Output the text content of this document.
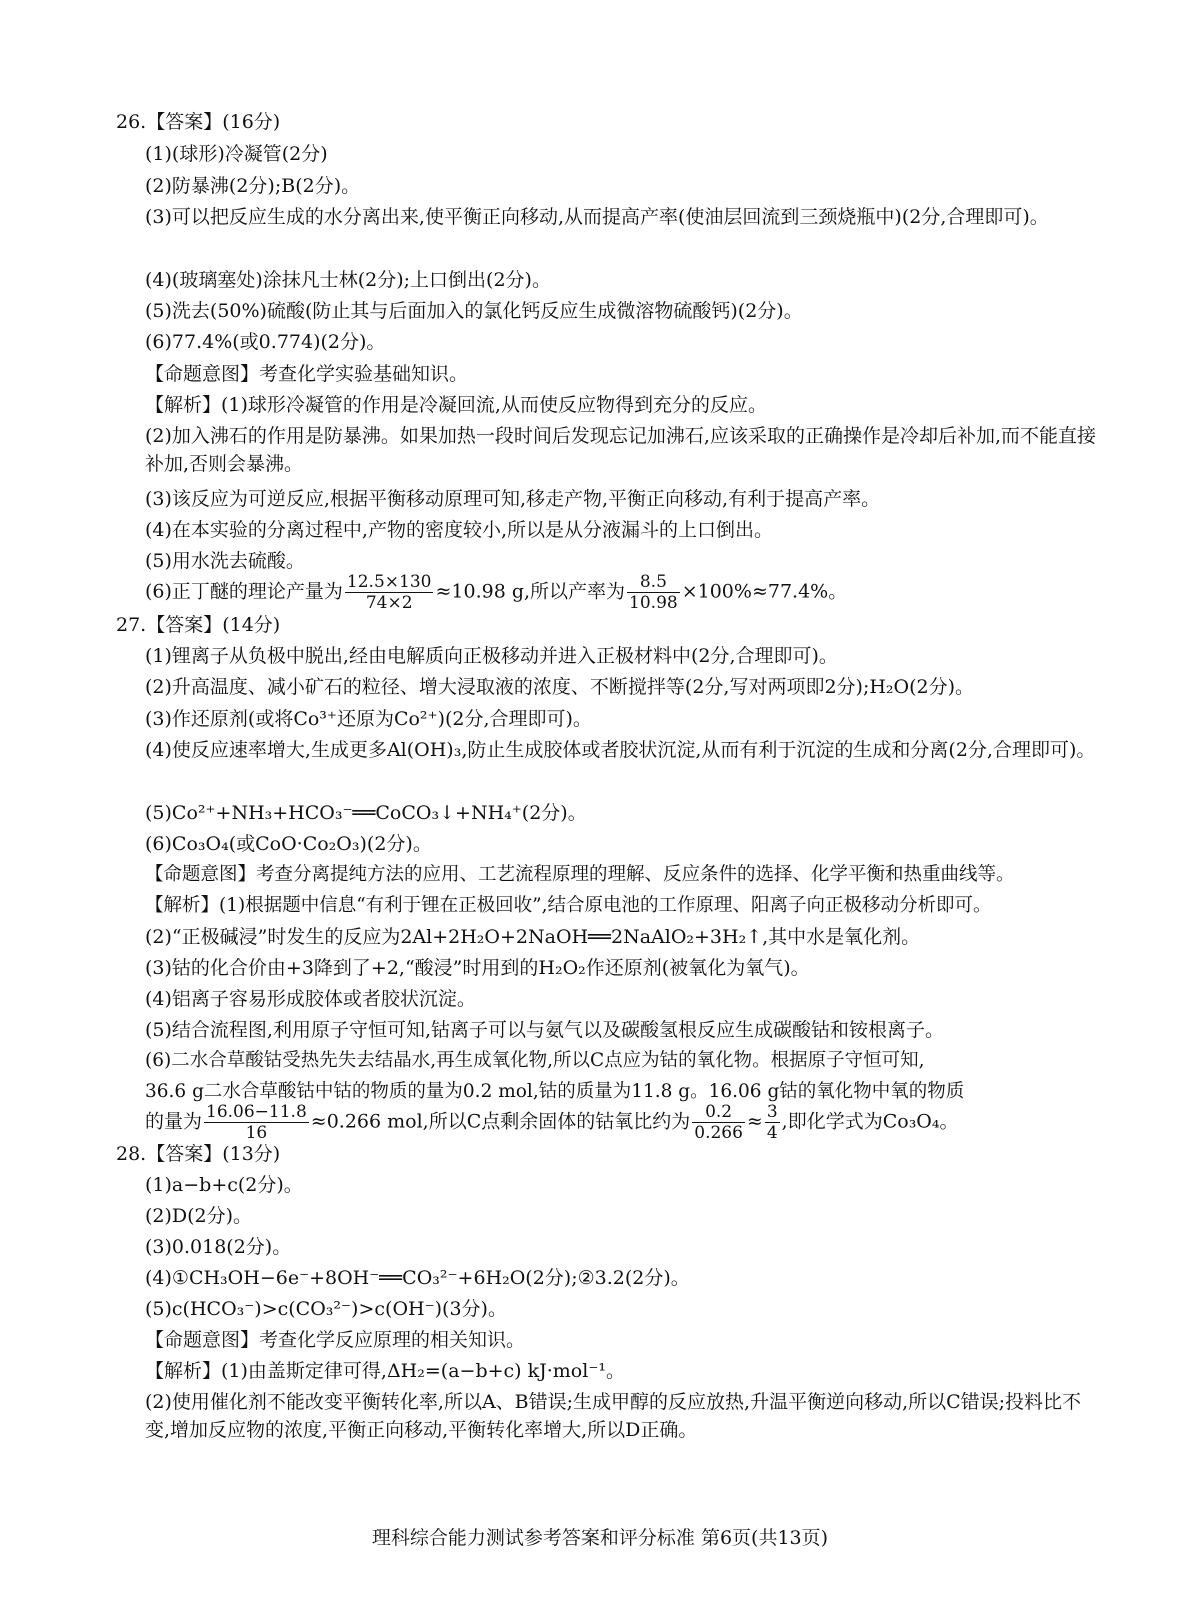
26.【答案】(16分)
(1)(球形)冷凝管(2分)
(2)防暴沸(2分);B(2分)。
(3)可以把反应生成的水分离出来,使平衡正向移动,从而提高产率(使油层回流到三颈烧瓶中)(2分,合理即可)。
(4)(玻璃塞处)涂抹凡士林(2分);上口倒出(2分)。
(5)洗去(50%)硫酸(防止其与后面加入的氯化钙反应生成微溶物硫酸钙)(2分)。
(6)77.4%(或0.774)(2分)。
【命题意图】考查化学实验基础知识。
【解析】(1)球形冷凝管的作用是冷凝回流,从而使反应物得到充分的反应。
(2)加入沸石的作用是防暴沸。如果加热一段时间后发现忘记加沸石,应该采取的正确操作是冷却后补加,而不能直接补加,否则会暴沸。
(3)该反应为可逆反应,根据平衡移动原理可知,移走产物,平衡正向移动,有利于提高产率。
(4)在本实验的分离过程中,产物的密度较小,所以是从分液漏斗的上口倒出。
(5)用水洗去硫酸。
(6)正丁醚的理论产量为 $\frac{12.5\times 130}{74\times 2} \approx 10.98$ g,所以产率为 $\frac{8.5}{10.98} \times 100\%\approx 77.4\%$。
27.【答案】(14分)
(1)锂离子从负极中脱出,经由电解质向正极移动并进入正极材料中(2分,合理即可)。
(2)升高温度、减小矿石的粒径、增大浸取液的浓度、不断搅拌等(2分,写对两项即2分);H₂O(2分)。
(3)作还原剂(或将Co³⁺还原为Co²⁺)(2分,合理即可)。
(4)使反应速率增大,生成更多Al(OH)₃,防止生成胶体或者胶状沉淀,从而有利于沉淀的生成和分离(2分,合理即可)。
(5)Co²⁺+NH₃+HCO₃⁻══CoCO₃↓+NH₄⁺(2分)。
(6)Co₃O₄(或CoO·Co₂O₃)(2分)。
【命题意图】考查分离提纯方法的应用、工艺流程原理的理解、反应条件的选择、化学平衡和热重曲线等。
【解析】(1)根据题中信息“有利于锂在正极回收”,结合原电池的工作原理、阳离子向正极移动分析即可。
(2)“正极碱浸”时发生的反应为2Al+2H₂O+2NaOH══2NaAlO₂+3H₂↑,其中水是氧化剂。
(3)钴的化合价由+3降到了+2,“酸浸”时用到的H₂O₂作还原剂(被氧化为氧气)。
(4)铝离子容易形成胶体或者胶状沉淀。
(5)结合流程图,利用原子守恒可知,钴离子可以与氨气以及碳酸氢根反应生成碳酸钴和铵根离子。
(6)二水合草酸钴受热先失去结晶水,再生成氧化物,所以C点应为钴的氧化物。根据原子守恒可知,
36.6 g二水合草酸钴中钴的物质的量为0.2 mol,钴的质量为11.8 g。16.06 g钴的氧化物中氧的物质
的量为 $\frac{16.06-11.8}{16} \approx 0.266$ mol,所以C点剩余固体的钴氧比约为 $\frac{0.2}{0.266} \approx \frac{3}{4}$ ,即化学式为Co₃O₄。
28.【答案】(13分)
(1)a−b+c(2分)。
(2)D(2分)。
(3)0.018(2分)。
(4)①CH₃OH−6e⁻+8OH⁻══CO₃²⁻+6H₂O(2分);②3.2(2分)。
(5)c(HCO₃⁻)>c(CO₃²⁻)>c(OH⁻)(3分)。
【命题意图】考查化学反应原理的相关知识。
【解析】(1)由盖斯定律可得,ΔH₂=(a−b+c) kJ·mol⁻¹。
(2)使用催化剂不能改变平衡转化率,所以A、B错误;生成甲醇的反应放热,升温平衡逆向移动,所以C错误;投料比不变,增加反应物的浓度,平衡正向移动,平衡转化率增大,所以D正确。
理科综合能力测试参考答案和评分标准 第6页(共13页)
